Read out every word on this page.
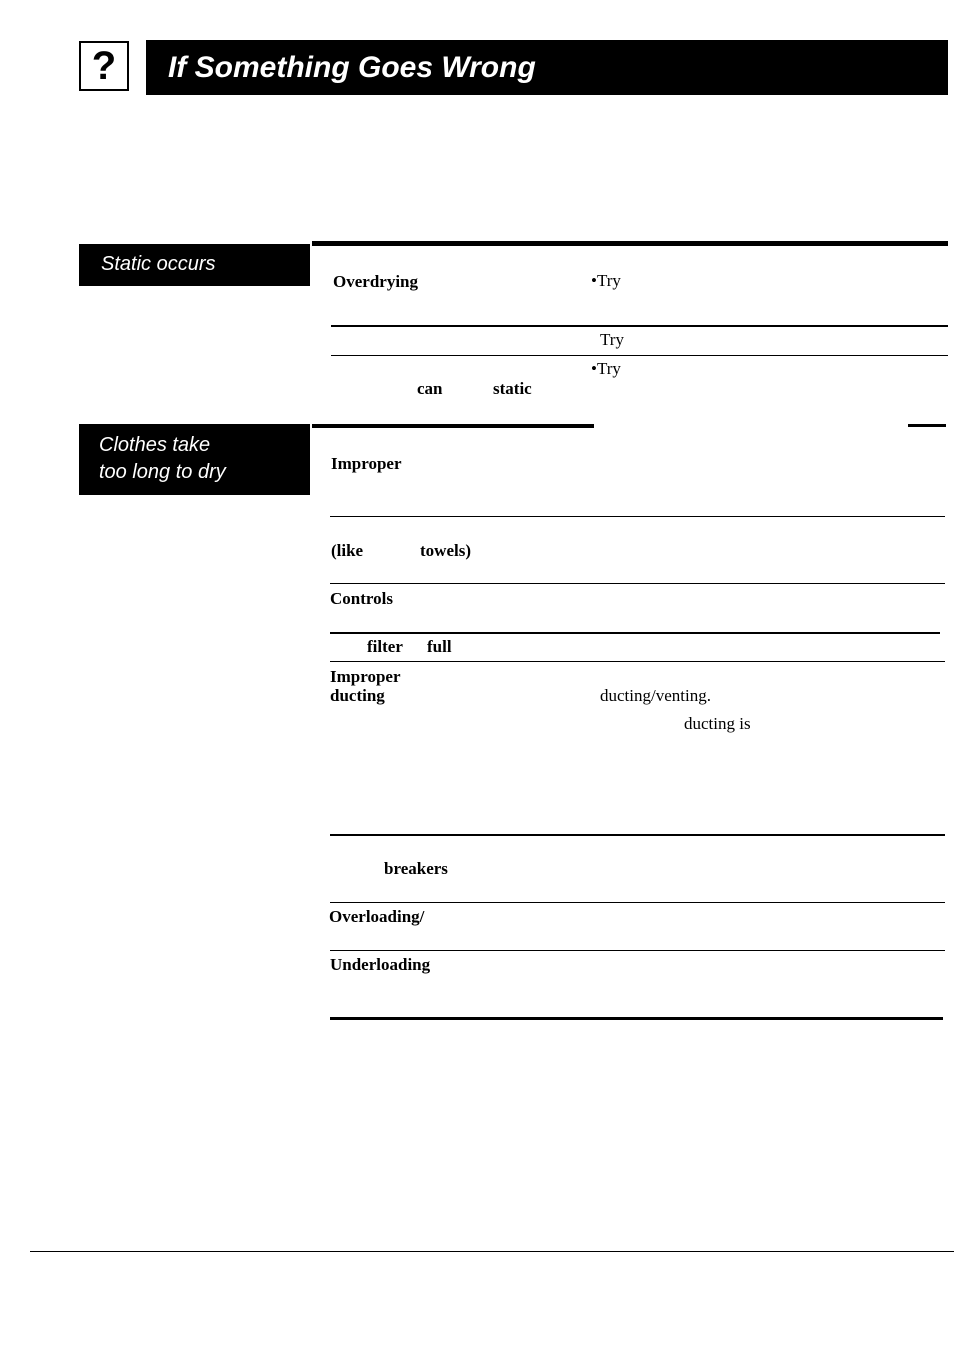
?	If Something Goes Wrong
Static occurs
Overdrying	•Try
Try
•Try
can	static
Clothes take
too long to dry	Improper
(like	towels)
Controls
filter full
Improper
ducting	ducting/venting.
ducting is
breakers
Overloading/
Underloading
